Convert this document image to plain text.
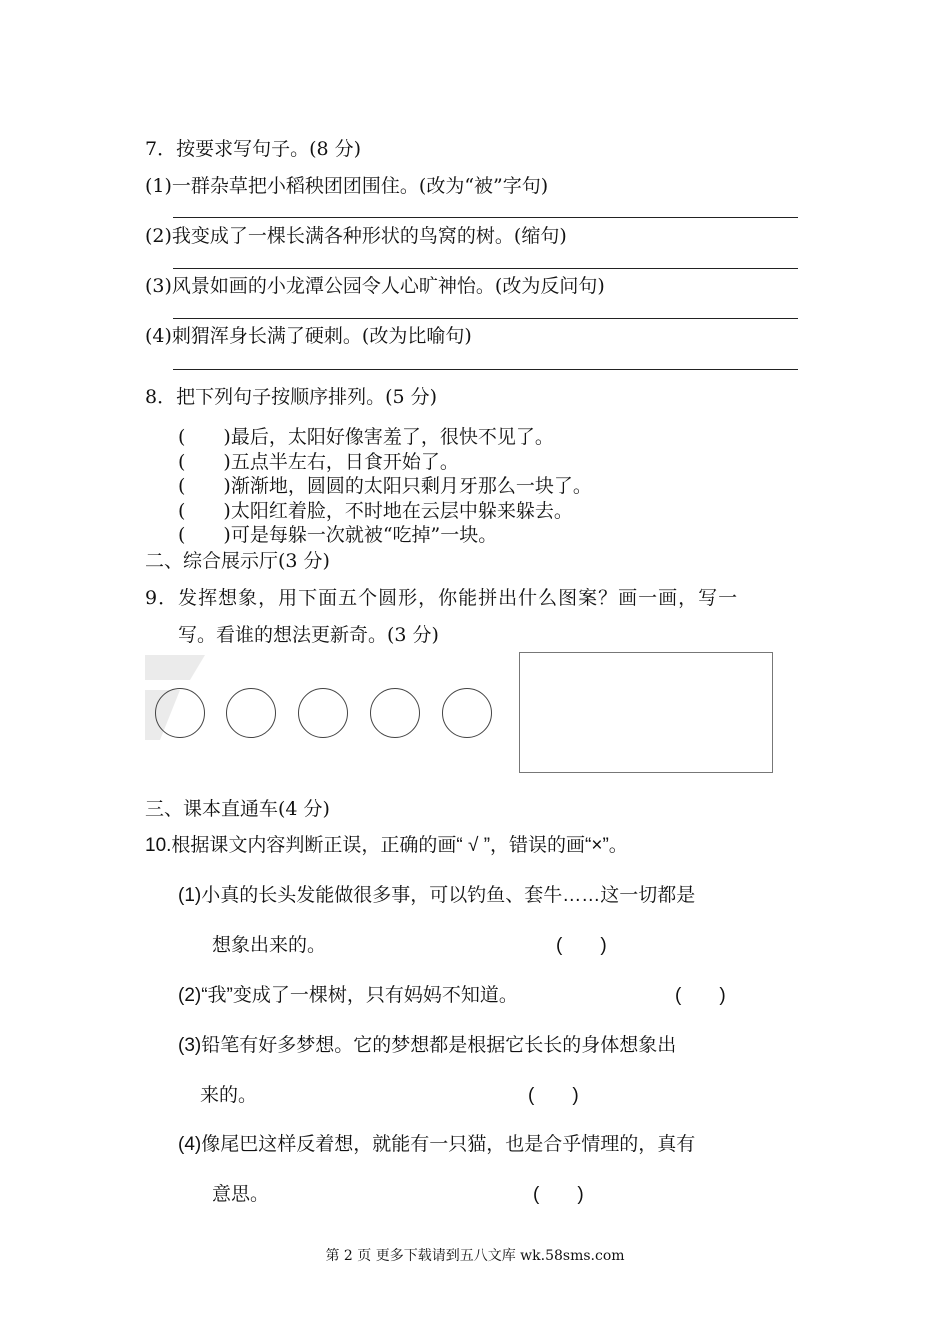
7．按要求写句子。(8 分)
(1)一群杂草把小稻秧团团围住。(改为“被”字句)
(2)我变成了一棵长满各种形状的鸟窝的树。(缩句)
(3)风景如画的小龙潭公园令人心旷神怡。(改为反问句)
(4)刺猬浑身长满了硬刺。(改为比喻句)
8．把下列句子按顺序排列。(5 分)
(　　)最后，太阳好像害羞了，很快不见了。
(　　)五点半左右，日食开始了。
(　　)渐渐地，圆圆的太阳只剩月牙那么一块了。
(　　)太阳红着脸，不时地在云层中躲来躲去。
(　　)可是每躲一次就被“吃掉”一块。
二、综合展示厅(3 分)
9．发挥想象，用下面五个圆形，你能拼出什么图案？画一画，写一
写。看谁的想法更新奇。(3 分)
三、课本直通车(4 分)
10.根据课文内容判断正误，正确的画“ √ ”，错误的画“×”。
(1)小真的长头发能做很多事，可以钓鱼、套牛……这一切都是
想象出来的。	(　　)
(2)“我”变成了一棵树，只有妈妈不知道。	(　　)
(3)铅笔有好多梦想。它的梦想都是根据它长长的身体想象出
来的。	(　　)
(4)像尾巴这样反着想，就能有一只猫，也是合乎情理的，真有
意思。	(　　)
第 2 页 更多下载请到五八文库 wk.58sms.com
